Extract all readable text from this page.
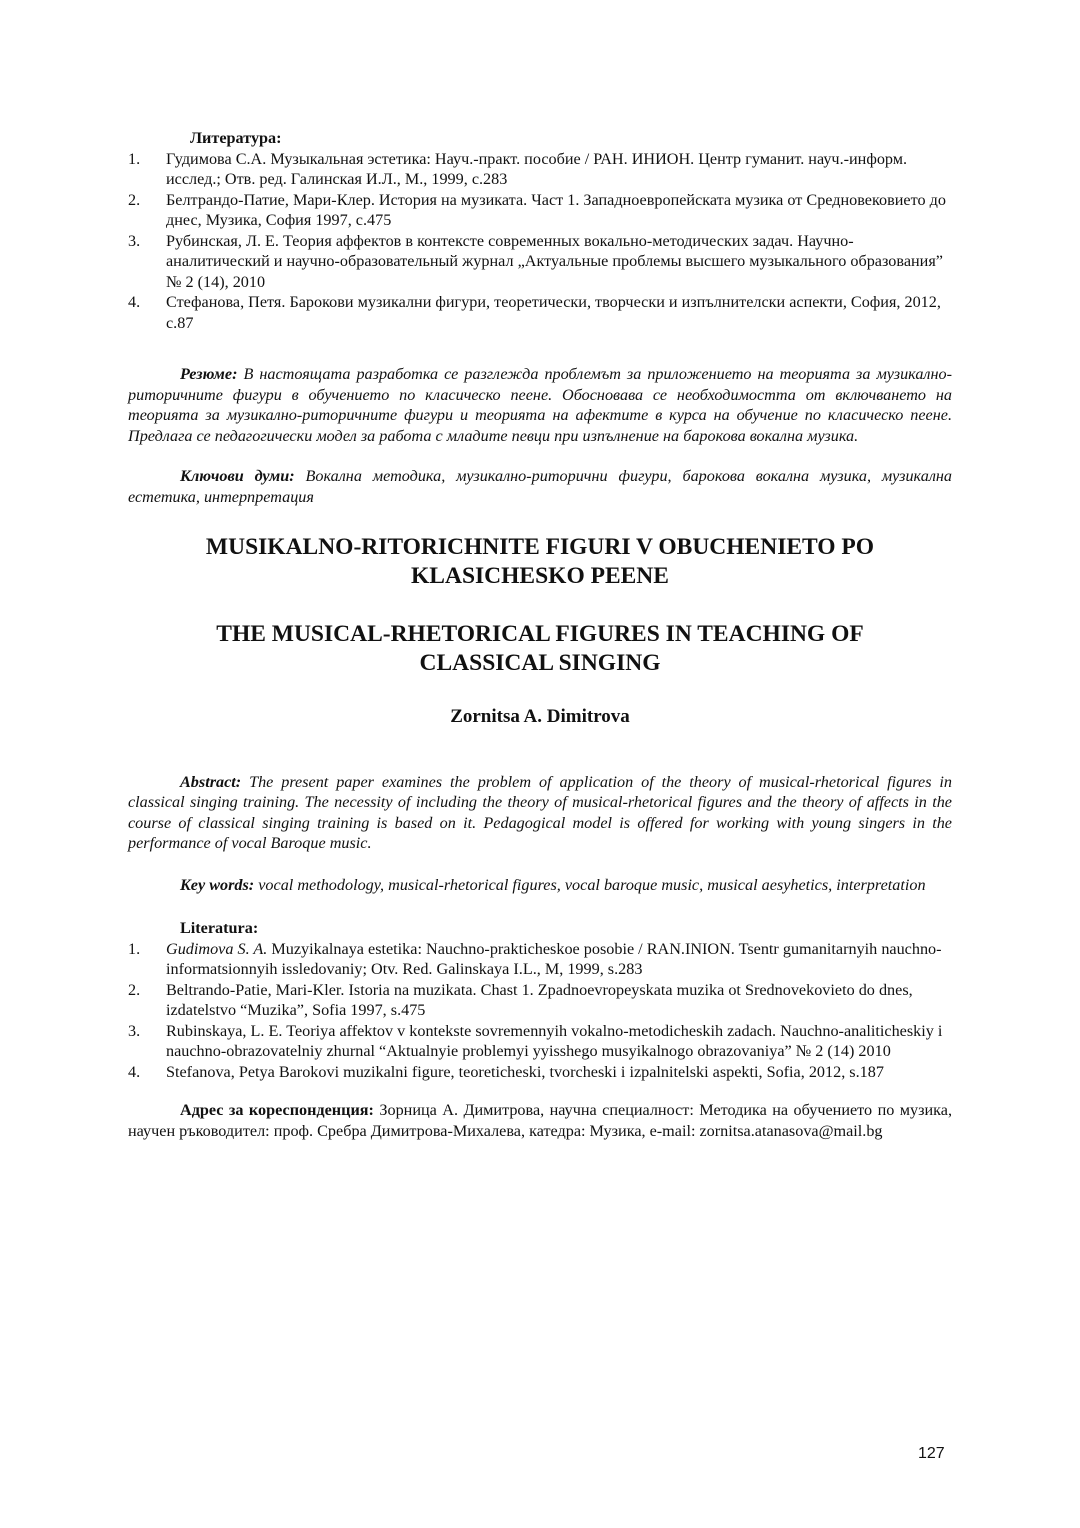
Литература:
1. Гудимова С.А. Музыкальная эстетика: Науч.-практ. пособие / РАН. ИНИОН. Центр гуманит. науч.-информ. исслед.; Отв. ред. Галинская И.Л., М., 1999, с.283
2. Белтрандо-Патие, Мари-Клер. История на музиката. Част 1. Западноевропейската музика от Средновековието до днес, Музика, София 1997, с.475
3. Рубинская, Л. Е. Теория аффектов в контексте современных вокально-методических задач. Научно-аналитический и научно-образовательный журнал „Актуальные проблемы высшего музыкального образования” № 2 (14), 2010
4. Стефанова, Петя. Барокови музикални фигури, теоретически, творчески и изпълнителски аспекти, София, 2012, с.87

Резюме: В настоящата разработка се разглежда проблемът за приложението на теорията за музикално-риторичните фигури в обучението по класическо пеене. Обосновава се необходимостта от включването на теорията за музикално-риторичните фигури и теорията на афектите в курса на обучение по класическо пеене. Предлага се педагогически модел за работа с младите певци при изпълнение на барокова вокална музика.

Ключови думи: Вокална методика, музикално-риторични фигури, барокова вокална музика, музикална естетика, интерпретация

MUSIKALNO-RITORICHNITE FIGURI V OBUCHENIETO PO
KLASICHESKO PEENE
THE MUSICAL-RHETORICAL FIGURES IN TEACHING OF
CLASSICAL SINGING
Zornitsa A. Dimitrova

Abstract: The present paper examines the problem of application of the theory of musical-rhetorical figures in classical singing training. The necessity of including the theory of musical-rhetorical figures and the theory of affects in the course of classical singing training is based on it. Pedagogical model is offered for working with young singers in the performance of vocal Baroque music.

Key words: vocal methodology, musical-rhetorical figures, vocal baroque music, musical aesyhetics, interpretation

Literatura:
1. Gudimova S. A. Muzyikalnaya estetika: Nauchno-prakticheskoe posobie / RAN.INION. Tsentr gumanitarnyih nauchno-informatsionnyih issledovaniy; Otv. Red. Galinskaya I.L., M, 1999, s.283
2. Beltrando-Patie, Mari-Kler. Istoria na muzikata. Chast 1. Zpadnoevropeyskata muzika ot Srednovekovieto do dnes, izdatelstvo “Muzika”, Sofia 1997, s.475
3. Rubinskaya, L. E. Teoriya affektov v kontekste sovremennyih vokalno-metodicheskih zadach. Nauchno-analiticheskiy i nauchno-obrazovatelniy zhurnal “Aktualnyie problemyi yyisshego musyikalnogo obrazovaniya” № 2 (14) 2010
4. Stefanova, Petya Barokovi muzikalni figure, teoreticheski, tvorcheski i izpalnitelski aspekti, Sofia, 2012, s.187

Адрес за кореспонденция: Зорница А. Димитрова, научна специалност: Методика на обучението по музика, научен ръководител: проф. Сребра Димитрова-Михалева, катедра: Музика, e-mail: zornitsa.atanasova@mail.bg

127
